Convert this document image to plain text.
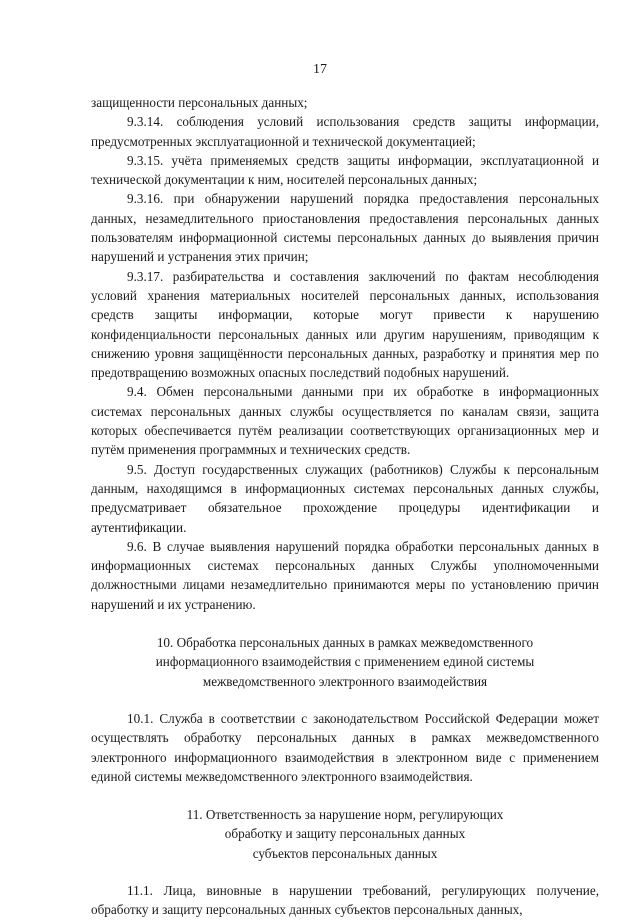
17

защищенности персональных данных;

9.3.14. соблюдения условий использования средств защиты информации, предусмотренных эксплуатационной и технической документацией;

9.3.15. учёта применяемых средств защиты информации, эксплуатационной и технической документации к ним, носителей персональных данных;

9.3.16. при обнаружении нарушений порядка предоставления персональных данных, незамедлительного приостановления предоставления персональных данных пользователям информационной системы персональных данных до выявления причин нарушений и устранения этих причин;

9.3.17. разбирательства и составления заключений по фактам несоблюдения условий хранения материальных носителей персональных данных, использования средств защиты информации, которые могут привести к нарушению конфиденциальности персональных данных или другим нарушениям, приводящим к снижению уровня защищённости персональных данных, разработку и принятия мер по предотвращению возможных опасных последствий подобных нарушений.

9.4. Обмен персональными данными при их обработке в информационных системах персональных данных службы осуществляется по каналам связи, защита которых обеспечивается путём реализации соответствующих организационных мер и путём применения программных и технических средств.

9.5. Доступ государственных служащих (работников) Службы к персональным данным, находящимся в информационных системах персональных данных службы, предусматривает обязательное прохождение процедуры идентификации и аутентификации.

9.6. В случае выявления нарушений порядка обработки персональных данных в информационных системах персональных данных Службы уполномоченными должностными лицами незамедлительно принимаются меры по установлению причин нарушений и их устранению.

10. Обработка персональных данных в рамках межведомственного
информационного взаимодействия с применением единой системы
межведомственного электронного взаимодействия

10.1. Служба в соответствии с законодательством Российской Федерации может осуществлять обработку персональных данных в рамках межведомственного электронного информационного взаимодействия в электронном виде с применением единой системы межведомственного электронного взаимодействия.

11. Ответственность за нарушение норм, регулирующих
обработку и защиту персональных данных
субъектов персональных данных

11.1. Лица, виновные в нарушении требований, регулирующих получение, обработку и защиту персональных данных субъектов персональных данных,
